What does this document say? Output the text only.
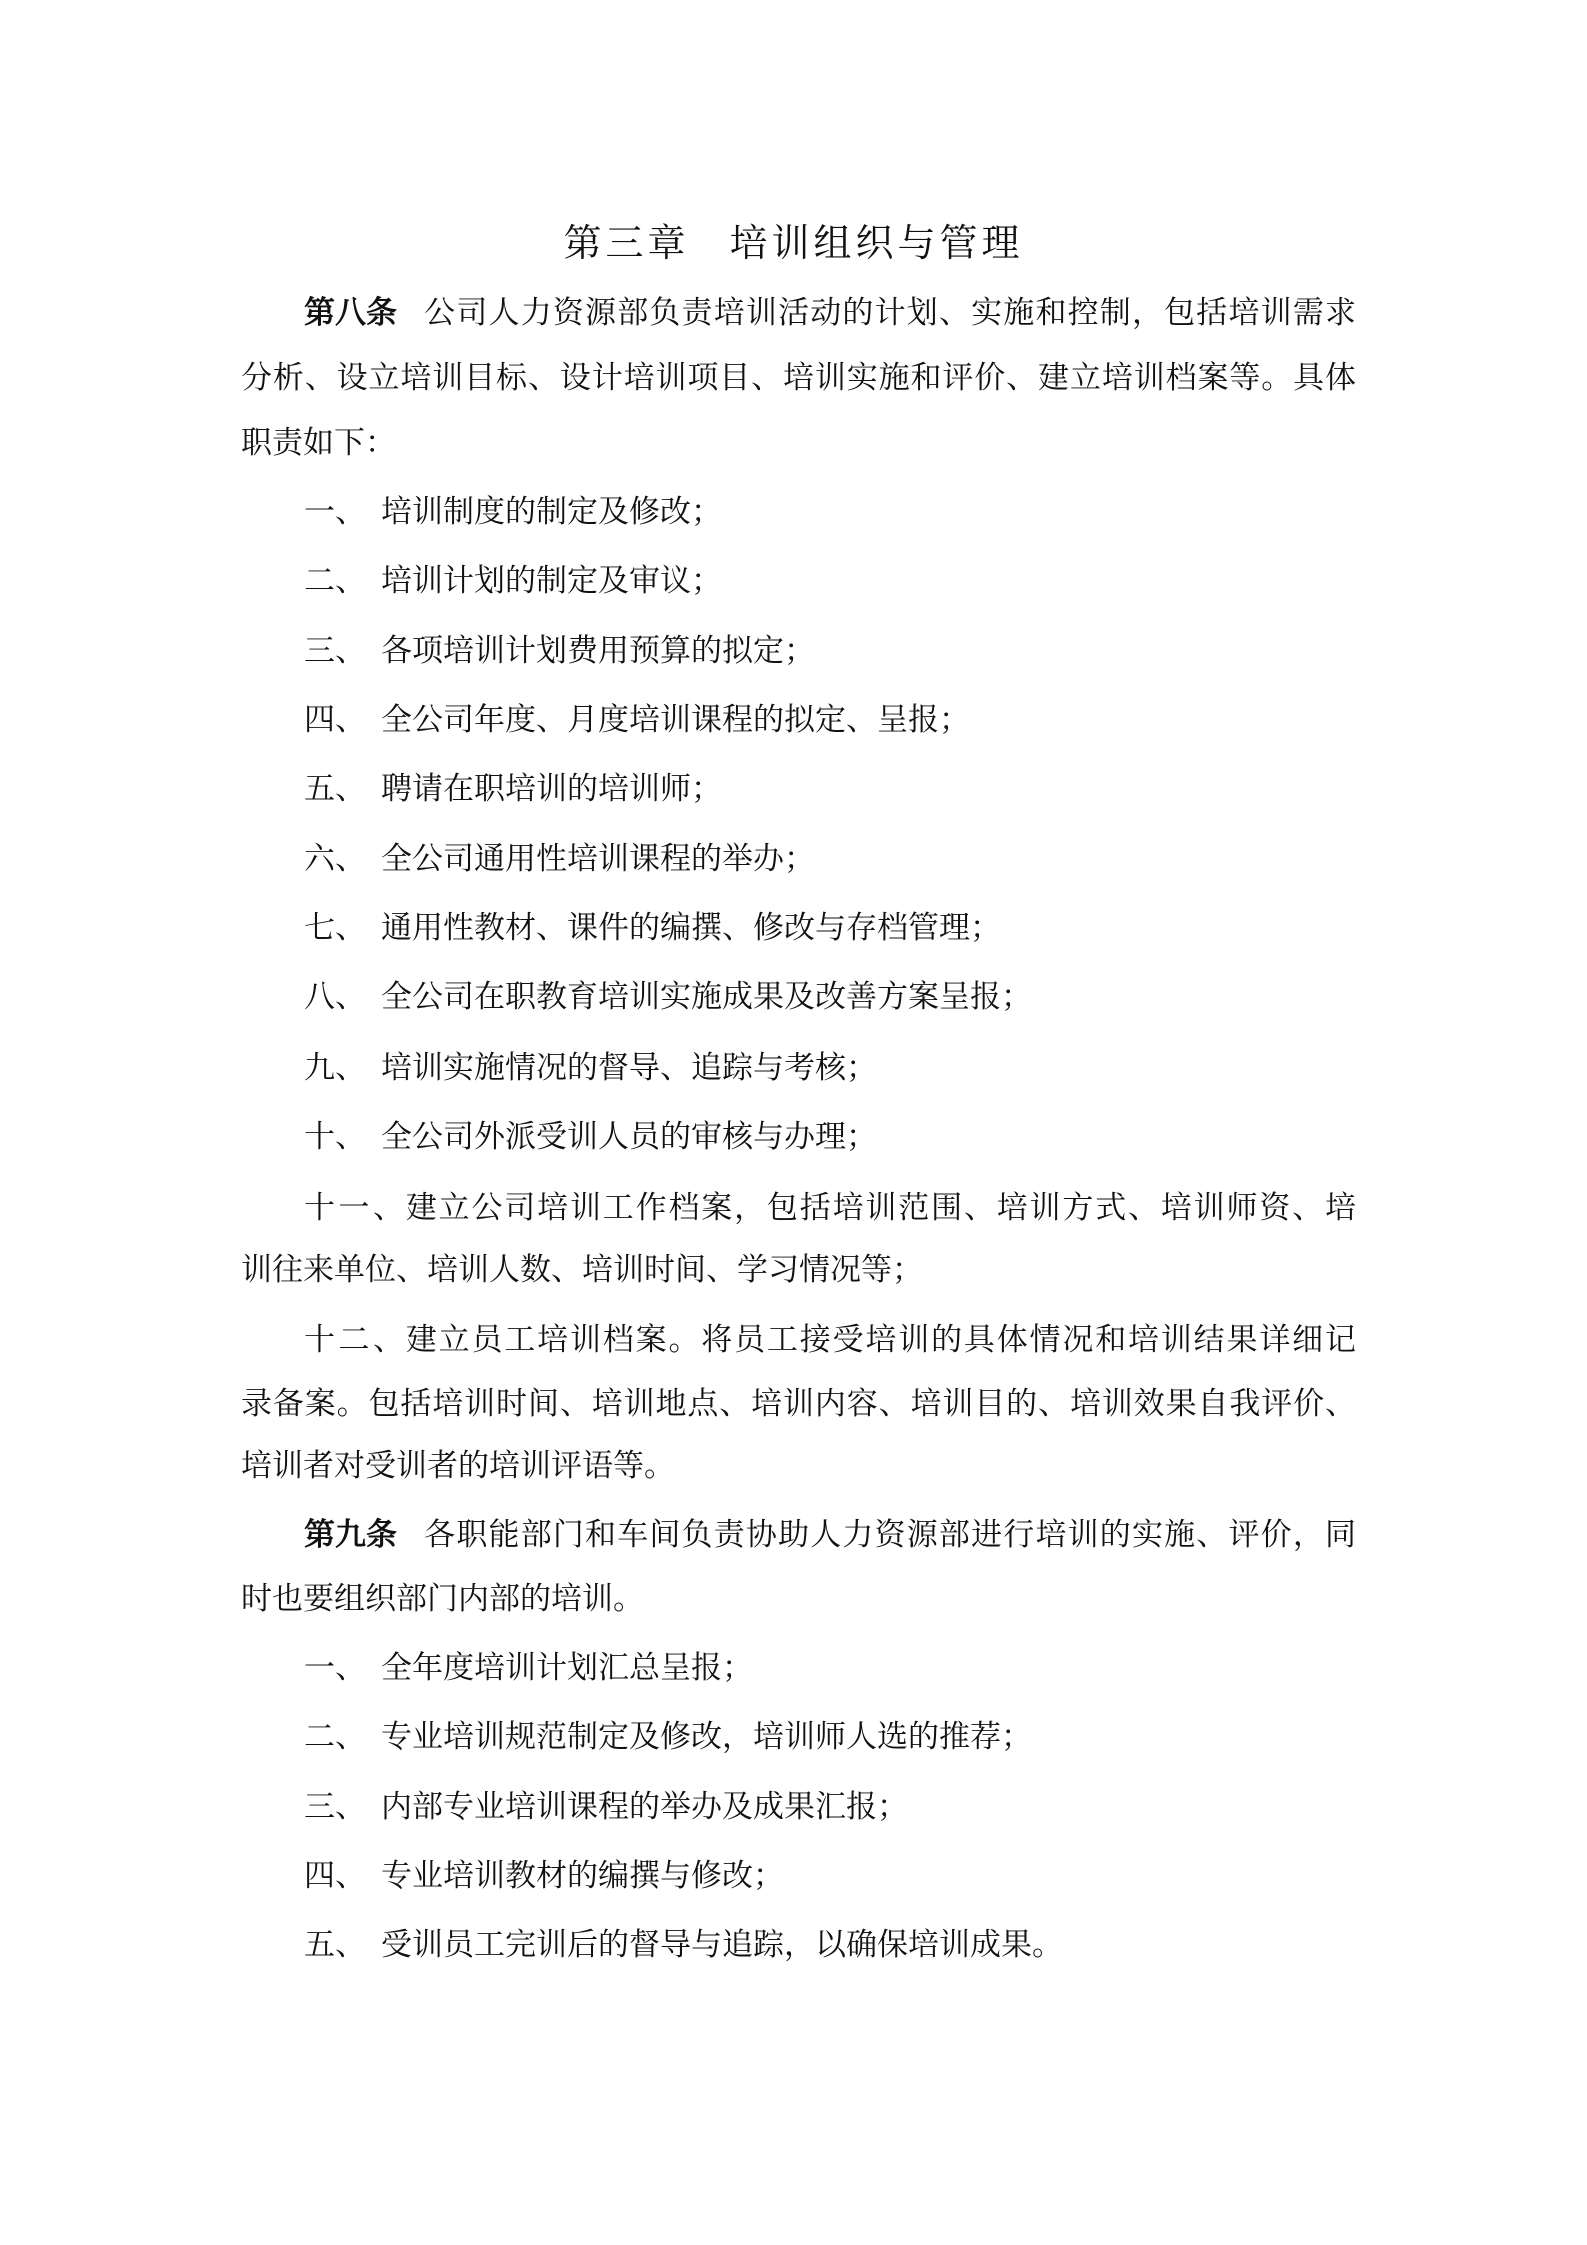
第三章 培训组织与管理
第八条 公司人力资源部负责培训活动的计划、实施和控制，包括培训需求
分析、设立培训目标、设计培训项目、培训实施和评价、建立培训档案等。具体
职责如下：
一、 培训制度的制定及修改；
二、 培训计划的制定及审议；
三、 各项培训计划费用预算的拟定；
四、 全公司年度、月度培训课程的拟定、呈报；
五、 聘请在职培训的培训师；
六、 全公司通用性培训课程的举办；
七、 通用性教材、课件的编撰、修改与存档管理；
八、 全公司在职教育培训实施成果及改善方案呈报；
九、 培训实施情况的督导、追踪与考核；
十、 全公司外派受训人员的审核与办理；
十一、建立公司培训工作档案，包括培训范围、培训方式、培训师资、培
训往来单位、培训人数、培训时间、学习情况等；
十二、建立员工培训档案。将员工接受培训的具体情况和培训结果详细记
录备案。包括培训时间、培训地点、培训内容、培训目的、培训效果自我评价、
培训者对受训者的培训评语等。
第九条 各职能部门和车间负责协助人力资源部进行培训的实施、评价，同
时也要组织部门内部的培训。
一、 全年度培训计划汇总呈报；
二、 专业培训规范制定及修改，培训师人选的推荐；
三、 内部专业培训课程的举办及成果汇报；
四、 专业培训教材的编撰与修改；
五、 受训员工完训后的督导与追踪，以确保培训成果。
